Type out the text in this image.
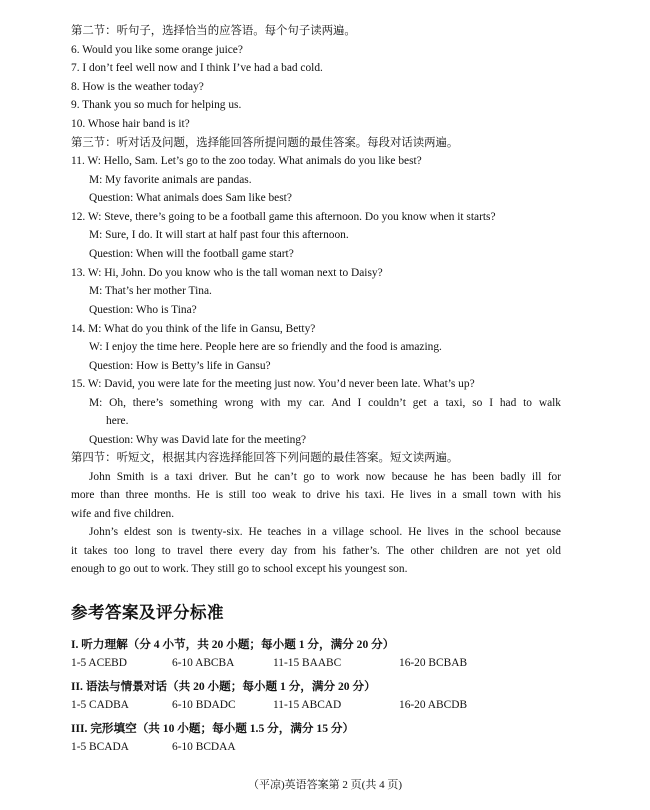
第二节：听句子，选择恰当的应答语。每个句子读两遍。
6. Would you like some orange juice?
7. I don’t feel well now and I think I’ve had a bad cold.
8. How is the weather today?
9. Thank you so much for helping us.
10. Whose hair band is it?
第三节：听对话及问题，选择能回答所提问题的最佳答案。每段对话读两遍。
11. W: Hello, Sam. Let’s go to the zoo today. What animals do you like best?
M: My favorite animals are pandas.
Question: What animals does Sam like best?
12. W: Steve, there’s going to be a football game this afternoon. Do you know when it starts?
M: Sure, I do. It will start at half past four this afternoon.
Question: When will the football game start?
13. W: Hi, John. Do you know who is the tall woman next to Daisy?
M: That’s her mother Tina.
Question: Who is Tina?
14. M: What do you think of the life in Gansu, Betty?
W: I enjoy the time here. People here are so friendly and the food is amazing.
Question: How is Betty’s life in Gansu?
15. W: David, you were late for the meeting just now. You’d never been late. What’s up?
M: Oh, there’s something wrong with my car. And I couldn’t get a taxi, so I had to walk
here.
Question: Why was David late for the meeting?
第四节：听短文，根据其内容选择能回答下列问题的最佳答案。短文读两遍。
John Smith is a taxi driver. But he can’t go to work now because he has been badly ill for
more than three months. He is still too weak to drive his taxi. He lives in a small town with his
wife and five children.
John’s eldest son is twenty-six. He teaches in a village school. He lives in the school because
it takes too long to travel there every day from his father’s. The other children are not yet old
enough to go out to work. They still go to school except his youngest son.
参考答案及评分标准
I. 听力理解（分 4 小节，共 20 小题；每小题 1 分，满分 20 分）
1-5 ACEBD	6-10 ABCBA	11-15 BAABC	16-20 BCBAB
II. 语法与情景对话（共 20 小题；每小题 1 分，满分 20 分）
1-5 CADBA	6-10 BDADC	11-15 ABCAD	16-20 ABCDB
III. 完形填空（共 10 小题；每小题 1.5 分，满分 15 分）
1-5 BCADA	6-10 BCDAA
（平凉)英语答案第 2 页(共 4 页)
